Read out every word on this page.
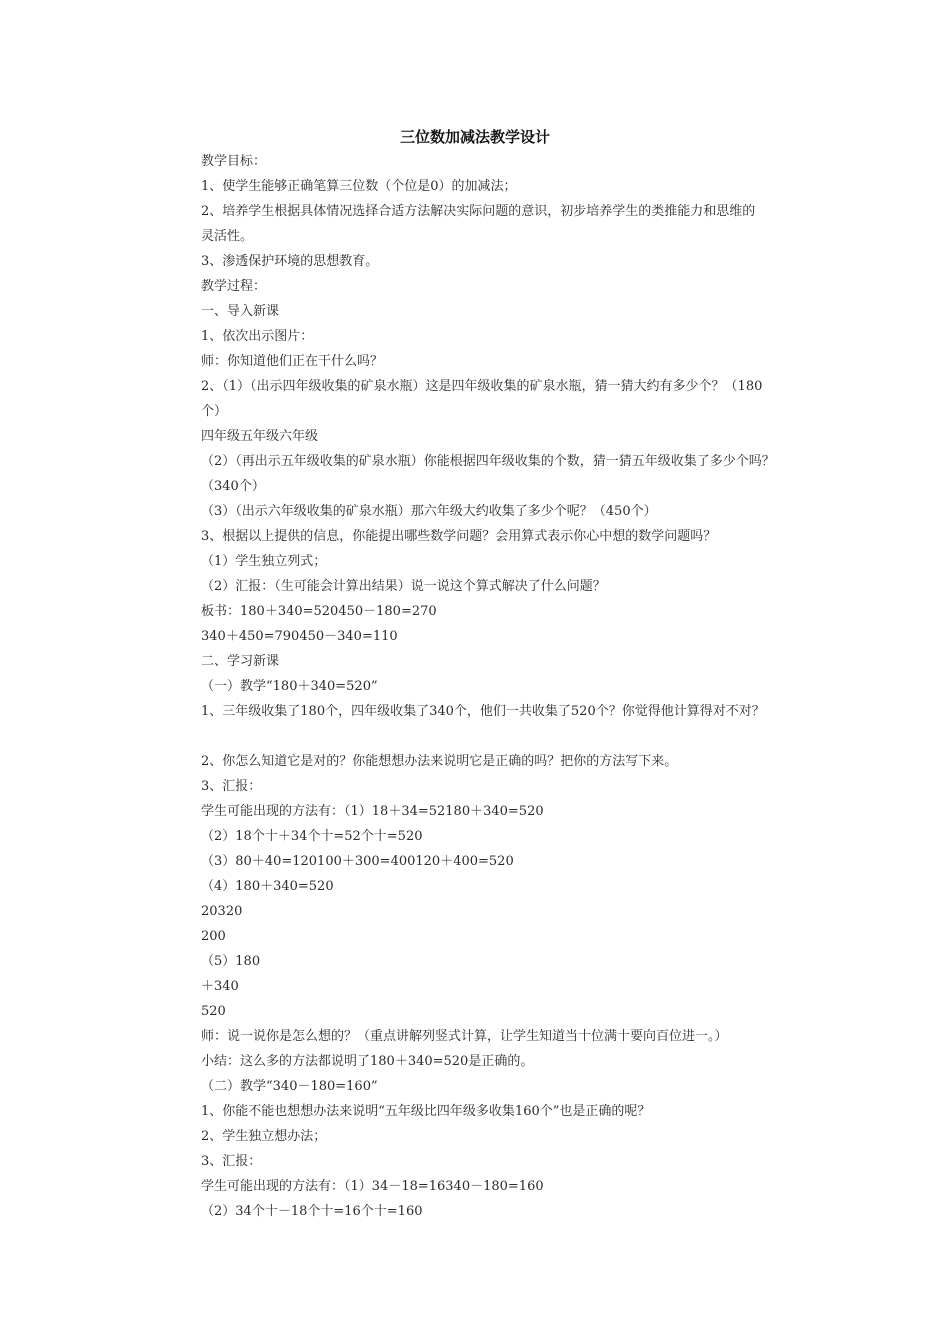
三位数加减法教学设计
教学目标：
1、使学生能够正确笔算三位数（个位是0）的加减法；
2、培养学生根据具体情况选择合适方法解决实际问题的意识，初步培养学生的类推能力和思维的
灵活性。
3、渗透保护环境的思想教育。
教学过程：
一、导入新课
1、依次出示图片：
师：你知道他们正在干什么吗？
2、（1）（出示四年级收集的矿泉水瓶）这是四年级收集的矿泉水瓶，猜一猜大约有多少个？（180
个）
四年级五年级六年级
（2）（再出示五年级收集的矿泉水瓶）你能根据四年级收集的个数，猜一猜五年级收集了多少个吗？
（340个）
（3）（出示六年级收集的矿泉水瓶）那六年级大约收集了多少个呢？（450个）
3、根据以上提供的信息，你能提出哪些数学问题？会用算式表示你心中想的数学问题吗？
（1）学生独立列式；
（2）汇报：（生可能会计算出结果）说一说这个算式解决了什么问题？
板书：180＋340=520450－180=270
340＋450=790450－340=110
二、学习新课
（一）教学“180＋340=520”
1、三年级收集了180个，四年级收集了340个，他们一共收集了520个？你觉得他计算得对不对？
2、你怎么知道它是对的？你能想想办法来说明它是正确的吗？把你的方法写下来。
3、汇报：
学生可能出现的方法有：（1）18＋34=52180＋340=520
（2）18个十＋34个十=52个十=520
（3）80＋40=120100＋300=400120＋400=520
（4）180＋340=520
20320
200
（5）180
＋340
520
师：说一说你是怎么想的？（重点讲解列竖式计算，让学生知道当十位满十要向百位进一。）
小结：这么多的方法都说明了180＋340=520是正确的。
（二）教学“340－180=160”
1、你能不能也想想办法来说明“五年级比四年级多收集160个”也是正确的呢？
2、学生独立想办法；
3、汇报：
学生可能出现的方法有：（1）34－18=16340－180=160
（2）34个十－18个十=16个十=160
